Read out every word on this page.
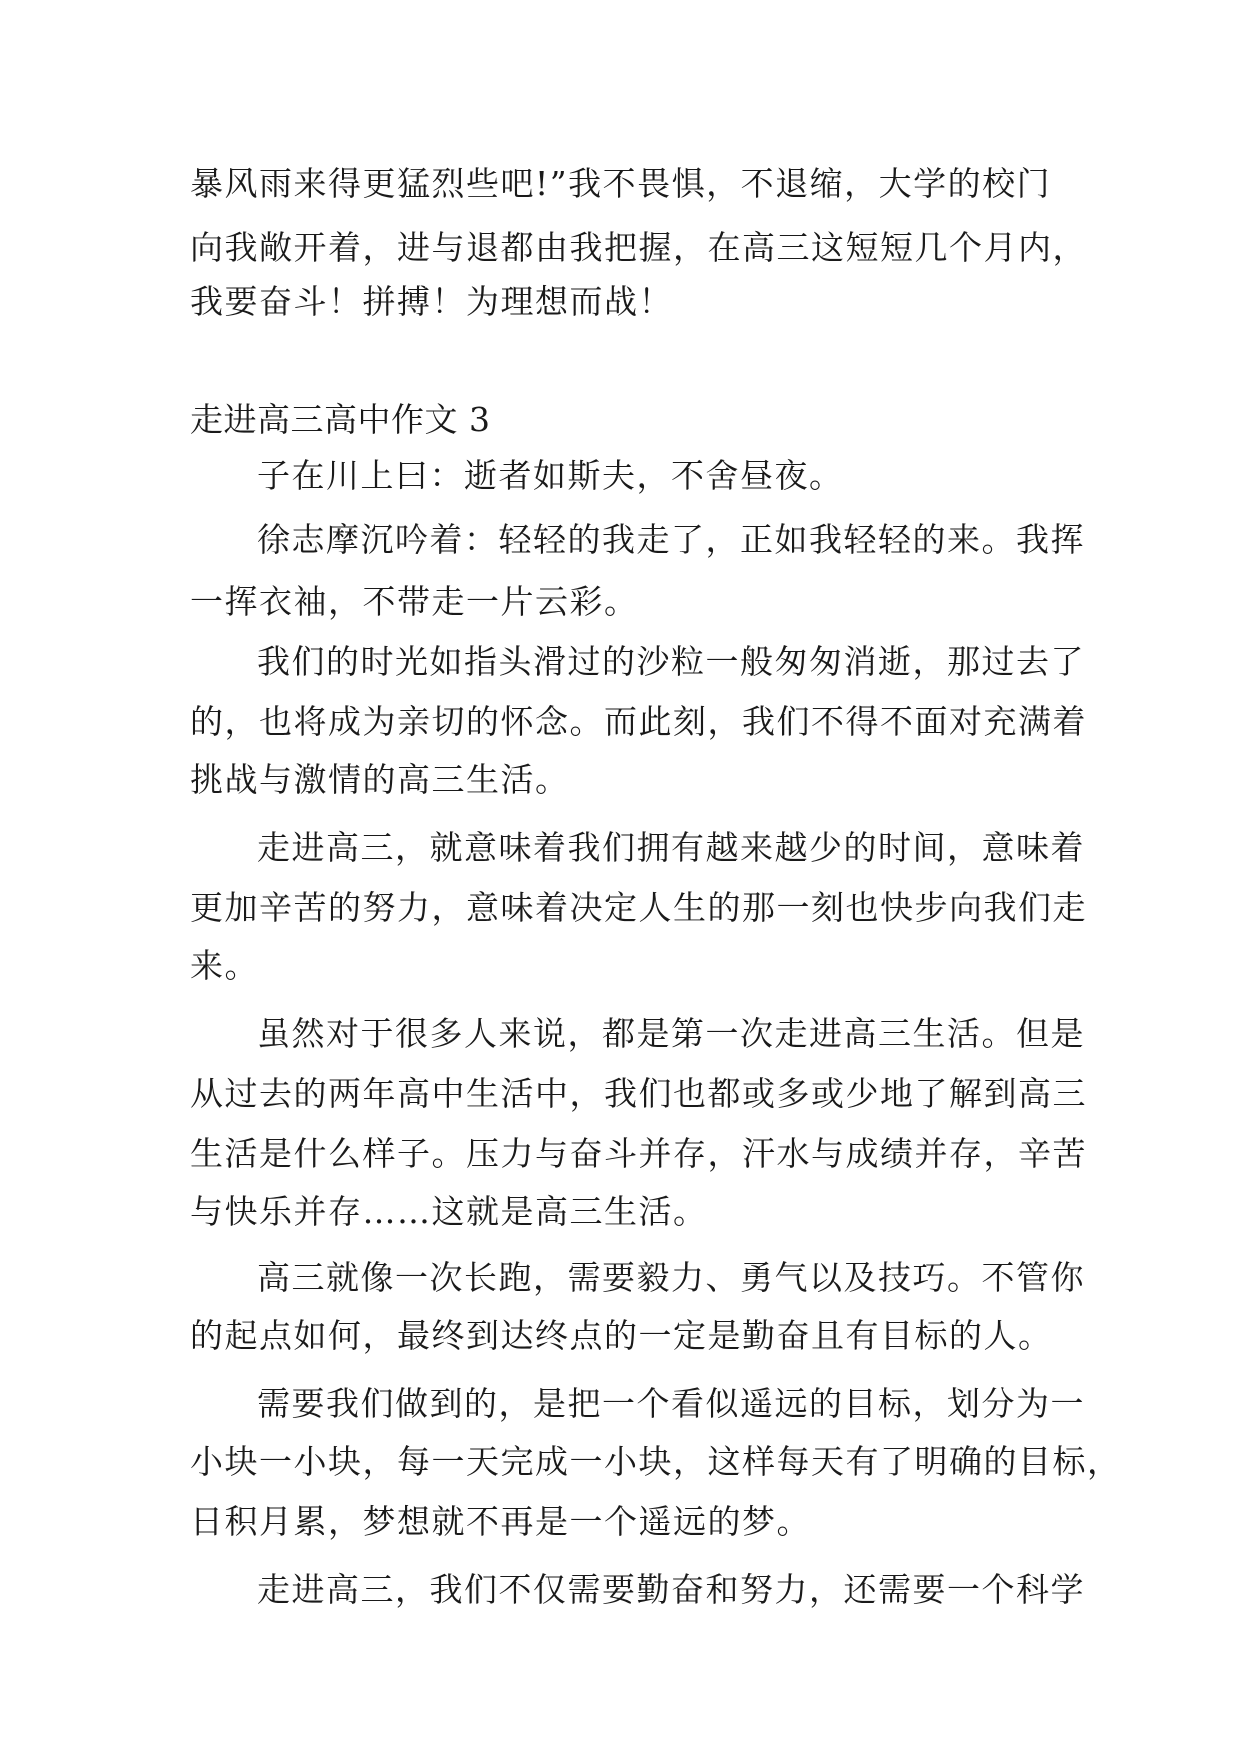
暴风雨来得更猛烈些吧!”我不畏惧，不退缩，大学的校门
向我敞开着，进与退都由我把握，在高三这短短几个月内，
我要奋斗！拼搏！为理想而战！
走进高三高中作文 3
子在川上曰：逝者如斯夫，不舍昼夜。
徐志摩沉吟着：轻轻的我走了，正如我轻轻的来。我挥
一挥衣袖，不带走一片云彩。
我们的时光如指头滑过的沙粒一般匆匆消逝，那过去了
的，也将成为亲切的怀念。而此刻，我们不得不面对充满着
挑战与激情的高三生活。
走进高三，就意味着我们拥有越来越少的时间，意味着
更加辛苦的努力，意味着决定人生的那一刻也快步向我们走
来。
虽然对于很多人来说，都是第一次走进高三生活。但是
从过去的两年高中生活中，我们也都或多或少地了解到高三
生活是什么样子。压力与奋斗并存，汗水与成绩并存，辛苦
与快乐并存……这就是高三生活。
高三就像一次长跑，需要毅力、勇气以及技巧。不管你
的起点如何，最终到达终点的一定是勤奋且有目标的人。
需要我们做到的，是把一个看似遥远的目标，划分为一
小块一小块，每一天完成一小块，这样每天有了明确的目标，
日积月累，梦想就不再是一个遥远的梦。
走进高三，我们不仅需要勤奋和努力，还需要一个科学
